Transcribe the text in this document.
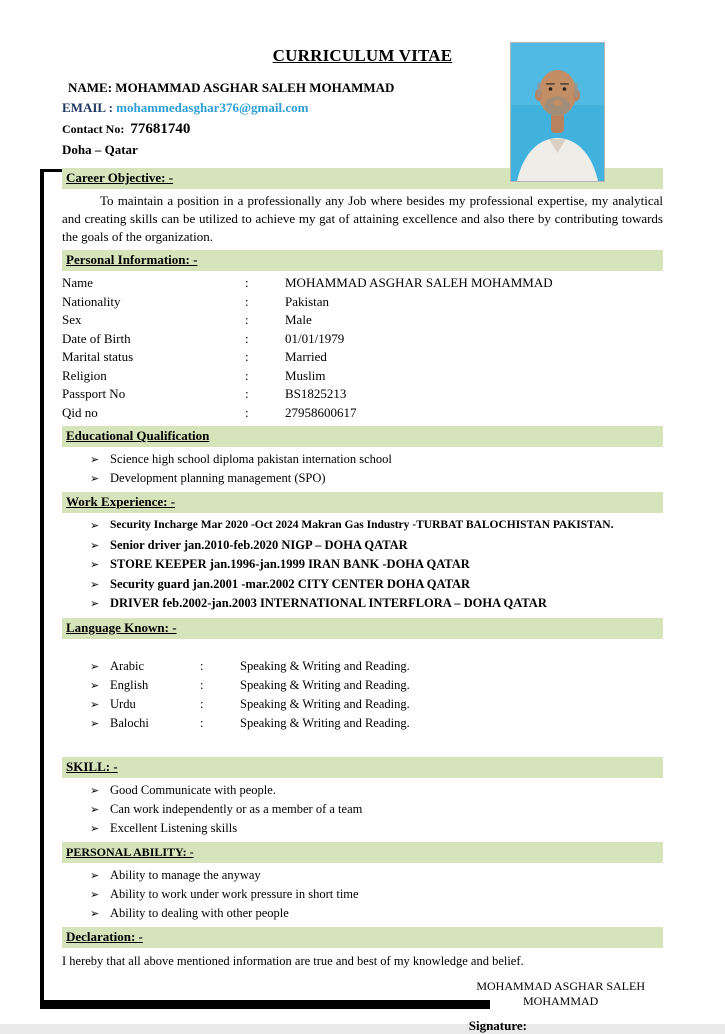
CURRICULUM VITAE
NAME: MOHAMMAD ASGHAR SALEH MOHAMMAD
EMAIL : mohammedasghar376@gmail.com
Contact No: 77681740
Doha – Qatar
Career Objective: -

To maintain a position in a professionally any Job where besides my professional expertise, my analytical and creating skills can be utilized to achieve my gat of attaining excellence and also there by contributing towards the goals of the organization.

Personal Information: -
Name	:	MOHAMMAD ASGHAR SALEH MOHAMMAD
Nationality	:	Pakistan
Sex	:	Male
Date of Birth	:	01/01/1979
Marital status	:	Married
Religion	:	Muslim
Passport No	:	BS1825213
Qid no	:	27958600617
Educational Qualification
➢ Science high school diploma pakistan internation school
➢ Development planning management (SPO)
Work Experience: -
➢ Security Incharge Mar 2020 -Oct 2024 Makran Gas Industry -TURBAT BALOCHISTAN PAKISTAN.
➢ Senior driver jan.2010-feb.2020 NIGP – DOHA QATAR
➢ STORE KEEPER jan.1996-jan.1999 IRAN BANK -DOHA QATAR
➢ Security guard jan.2001 -mar.2002 CITY CENTER DOHA QATAR
➢ DRIVER feb.2002-jan.2003 INTERNATIONAL INTERFLORA – DOHA QATAR
Language Known: -
➢ Arabic	:	Speaking & Writing and Reading.
➢ English	:	Speaking & Writing and Reading.
➢ Urdu	:	Speaking & Writing and Reading.
➢ Balochi	:	Speaking & Writing and Reading.
SKILL: -
➢ Good Communicate with people.
➢ Can work independently or as a member of a team
➢ Excellent Listening skills
PERSONAL ABILITY: -
➢ Ability to manage the anyway
➢ Ability to work under work pressure in short time
➢ Ability to dealing with other people
Declaration: -

I hereby that all above mentioned information are true and best of my knowledge and belief.

MOHAMMAD ASGHAR SALEH
MOHAMMAD
Signature:
